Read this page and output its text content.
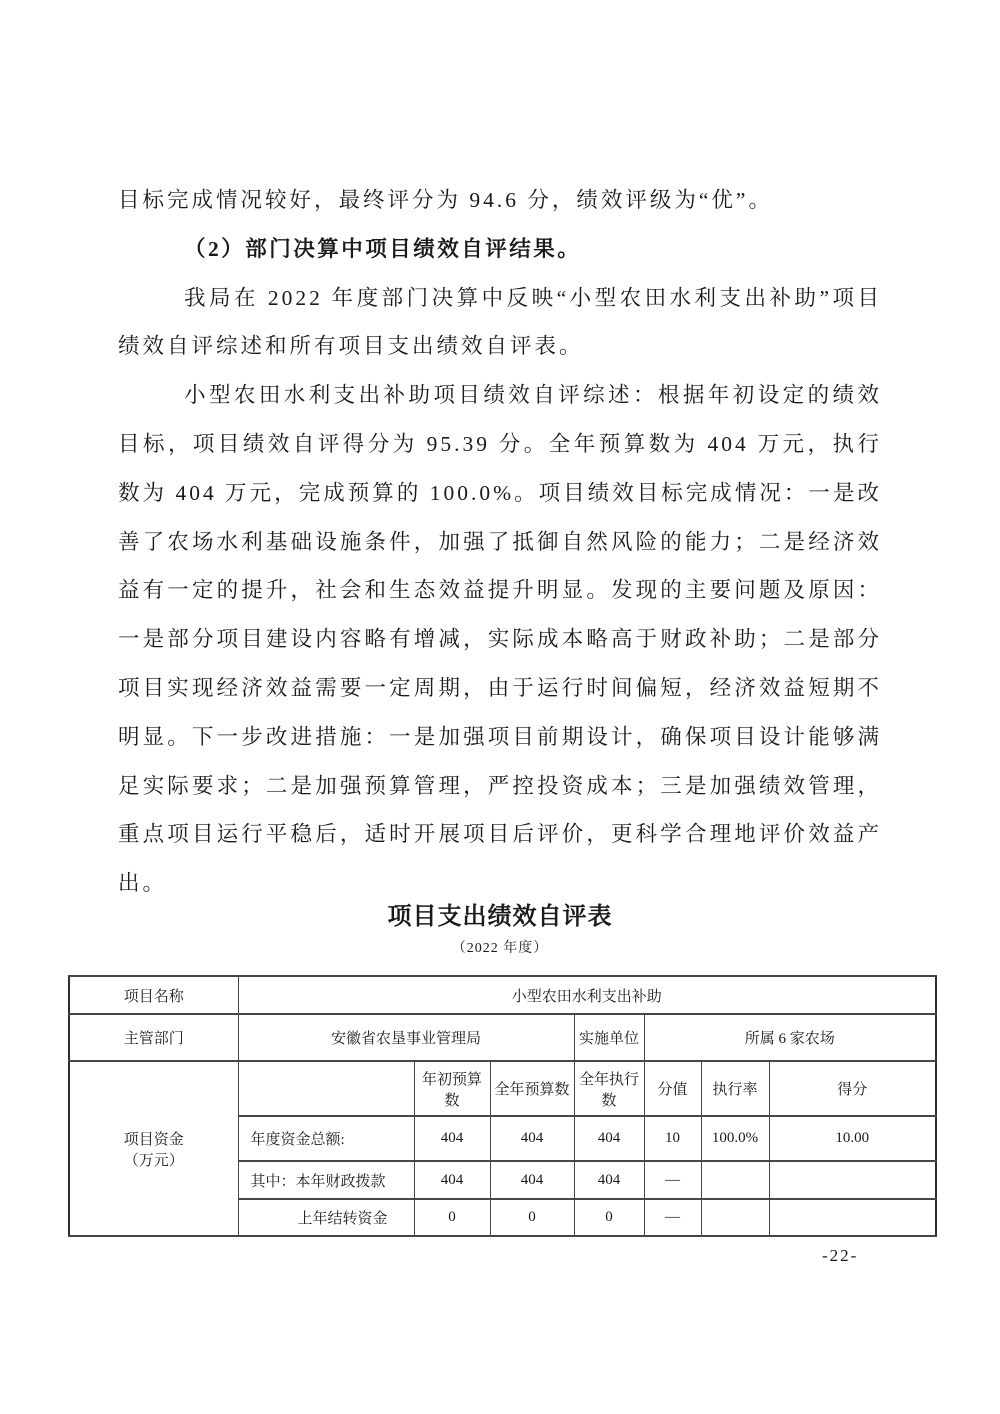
目标完成情况较好，最终评分为 94.6 分，绩效评级为“优”。

（2）部门决算中项目绩效自评结果。

我局在 2022 年度部门决算中反映“小型农田水利支出补助”项目绩效自评综述和所有项目支出绩效自评表。

小型农田水利支出补助项目绩效自评综述：根据年初设定的绩效目标，项目绩效自评得分为 95.39 分。全年预算数为 404 万元，执行数为 404 万元，完成预算的 100.0%。项目绩效目标完成情况：一是改善了农场水利基础设施条件，加强了抵御自然风险的能力；二是经济效益有一定的提升，社会和生态效益提升明显。发现的主要问题及原因：一是部分项目建设内容略有增减，实际成本略高于财政补助；二是部分项目实现经济效益需要一定周期，由于运行时间偏短，经济效益短期不明显。下一步改进措施：一是加强项目前期设计，确保项目设计能够满足实际要求；二是加强预算管理，严控投资成本；三是加强绩效管理，重点项目运行平稳后，适时开展项目后评价，更科学合理地评价效益产出。

项目支出绩效自评表
（2022 年度）
项目名称	小型农田水利支出补助						
主管部门	安徽省农垦事业管理局			实施单位	所属 6 家农场		

项目资金
（万元）		年初预算数	全年预算数	全年执行数	分值	执行率	得分
	年度资金总额:	404	404	404	10	100.0%	10.00
	其中：本年财政拨款	404	404	404	—		
	上年结转资金	0	0	0	—		
-22-
